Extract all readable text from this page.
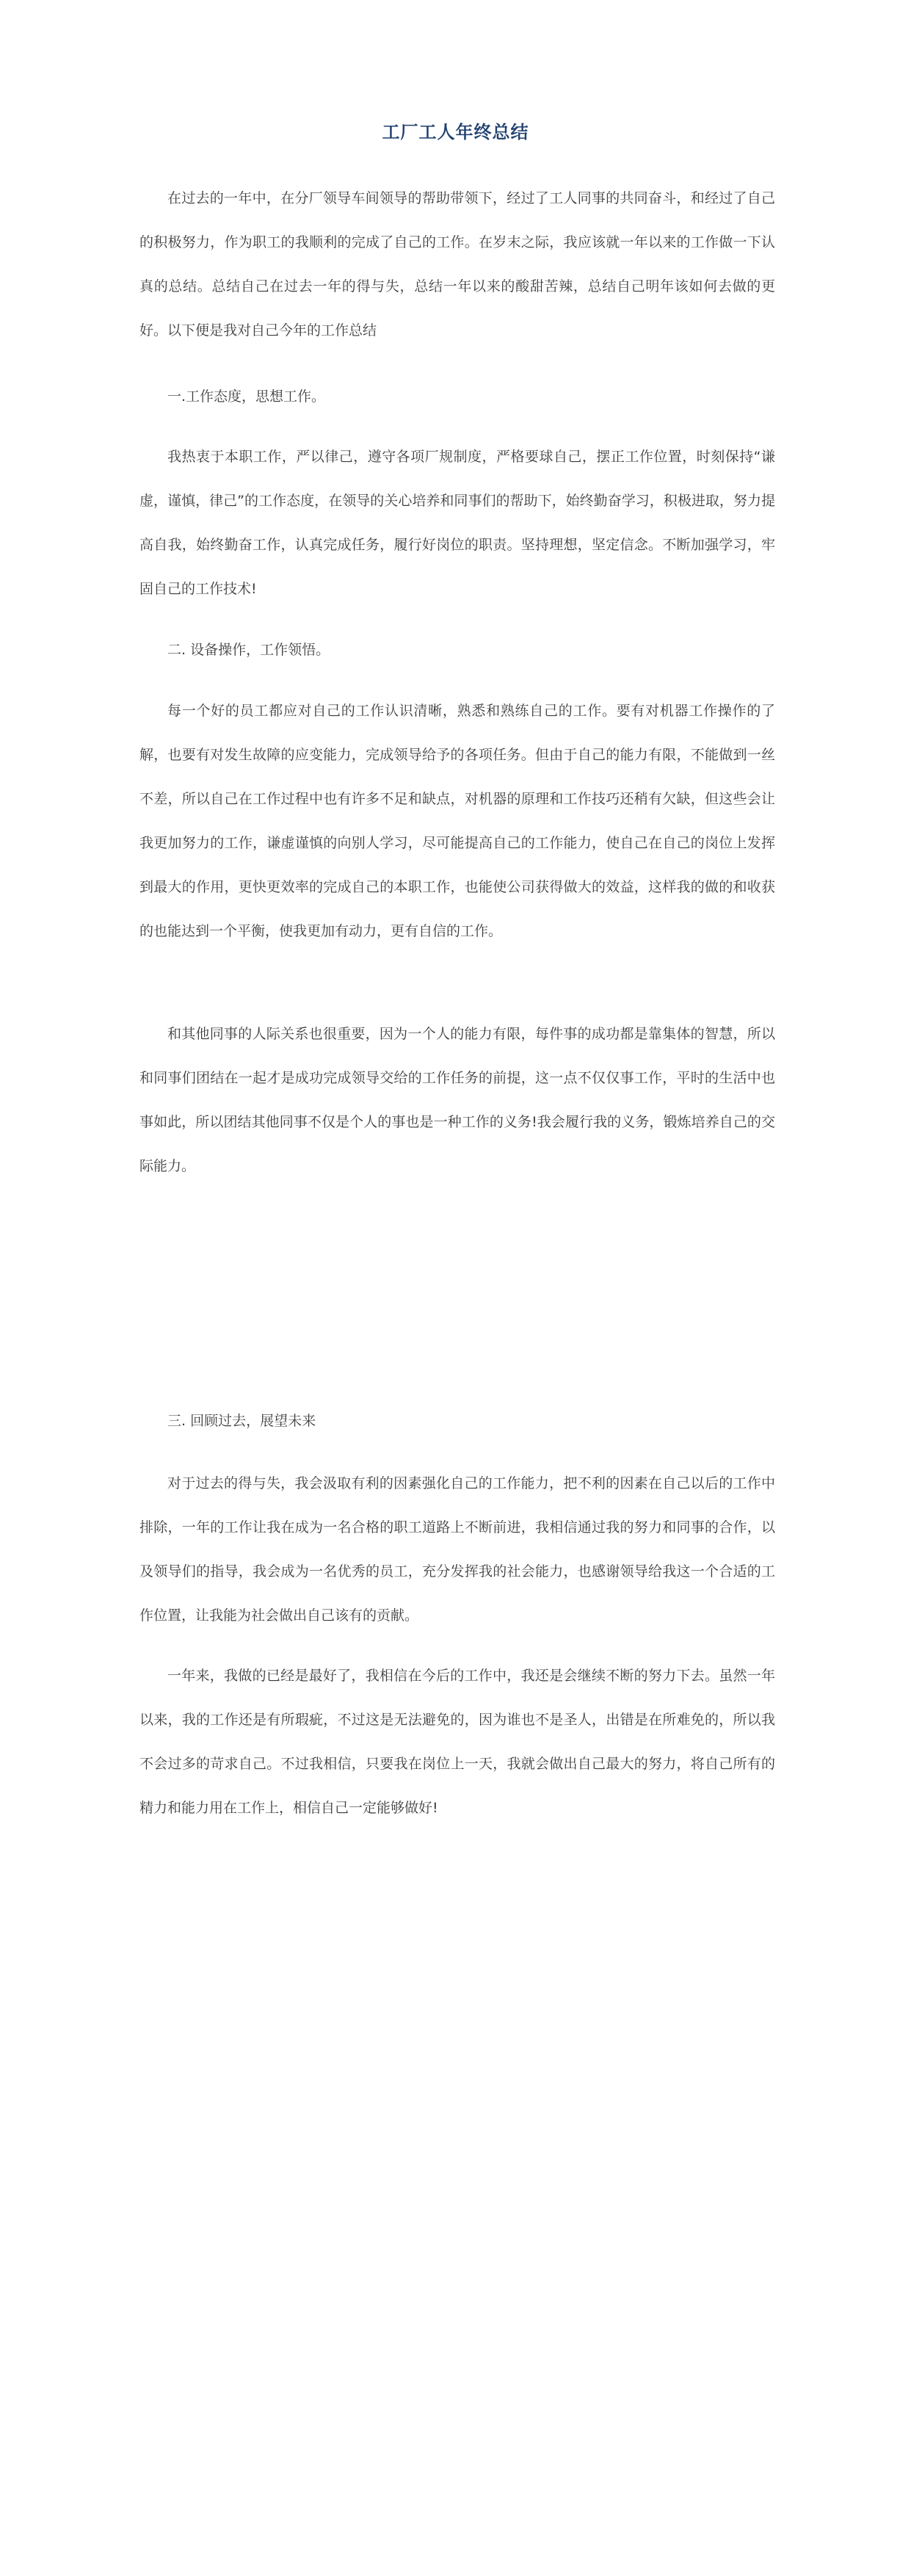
工厂工人年终总结

在过去的一年中，在分厂领导车间领导的帮助带领下，经过了工人同事的共同奋斗，和经过了自己的积极努力，作为职工的我顺利的完成了自己的工作。在岁末之际，我应该就一年以来的工作做一下认真的总结。总结自己在过去一年的得与失，总结一年以来的酸甜苦辣，总结自己明年该如何去做的更好。以下便是我对自己今年的工作总结

一.工作态度，思想工作。

我热衷于本职工作，严以律己，遵守各项厂规制度，严格要球自己，摆正工作位置，时刻保持“谦虚，谨慎，律己”的工作态度，在领导的关心培养和同事们的帮助下，始终勤奋学习，积极进取，努力提高自我，始终勤奋工作，认真完成任务，履行好岗位的职责。坚持理想，坚定信念。不断加强学习，牢固自己的工作技术!

二. 设备操作，工作领悟。

每一个好的员工都应对自己的工作认识清晰，熟悉和熟练自己的工作。要有对机器工作操作的了解，也要有对发生故障的应变能力，完成领导给予的各项任务。但由于自己的能力有限，不能做到一丝不差，所以自己在工作过程中也有许多不足和缺点，对机器的原理和工作技巧还稍有欠缺，但这些会让我更加努力的工作，谦虚谨慎的向别人学习，尽可能提高自己的工作能力，使自己在自己的岗位上发挥到最大的作用，更快更效率的完成自己的本职工作，也能使公司获得做大的效益，这样我的做的和收获的也能达到一个平衡，使我更加有动力，更有自信的工作。

和其他同事的人际关系也很重要，因为一个人的能力有限，每件事的成功都是靠集体的智慧，所以和同事们团结在一起才是成功完成领导交给的工作任务的前提，这一点不仅仅事工作，平时的生活中也事如此，所以团结其他同事不仅是个人的事也是一种工作的义务!我会履行我的义务，锻炼培养自己的交际能力。

三. 回顾过去，展望未来

对于过去的得与失，我会汲取有利的因素强化自己的工作能力，把不利的因素在自己以后的工作中排除，一年的工作让我在成为一名合格的职工道路上不断前进，我相信通过我的努力和同事的合作，以及领导们的指导，我会成为一名优秀的员工，充分发挥我的社会能力，也感谢领导给我这一个合适的工作位置，让我能为社会做出自己该有的贡献。

一年来，我做的已经是最好了，我相信在今后的工作中，我还是会继续不断的努力下去。虽然一年以来，我的工作还是有所瑕疵，不过这是无法避免的，因为谁也不是圣人，出错是在所难免的，所以我不会过多的苛求自己。不过我相信，只要我在岗位上一天，我就会做出自己最大的努力，将自己所有的精力和能力用在工作上，相信自己一定能够做好!
